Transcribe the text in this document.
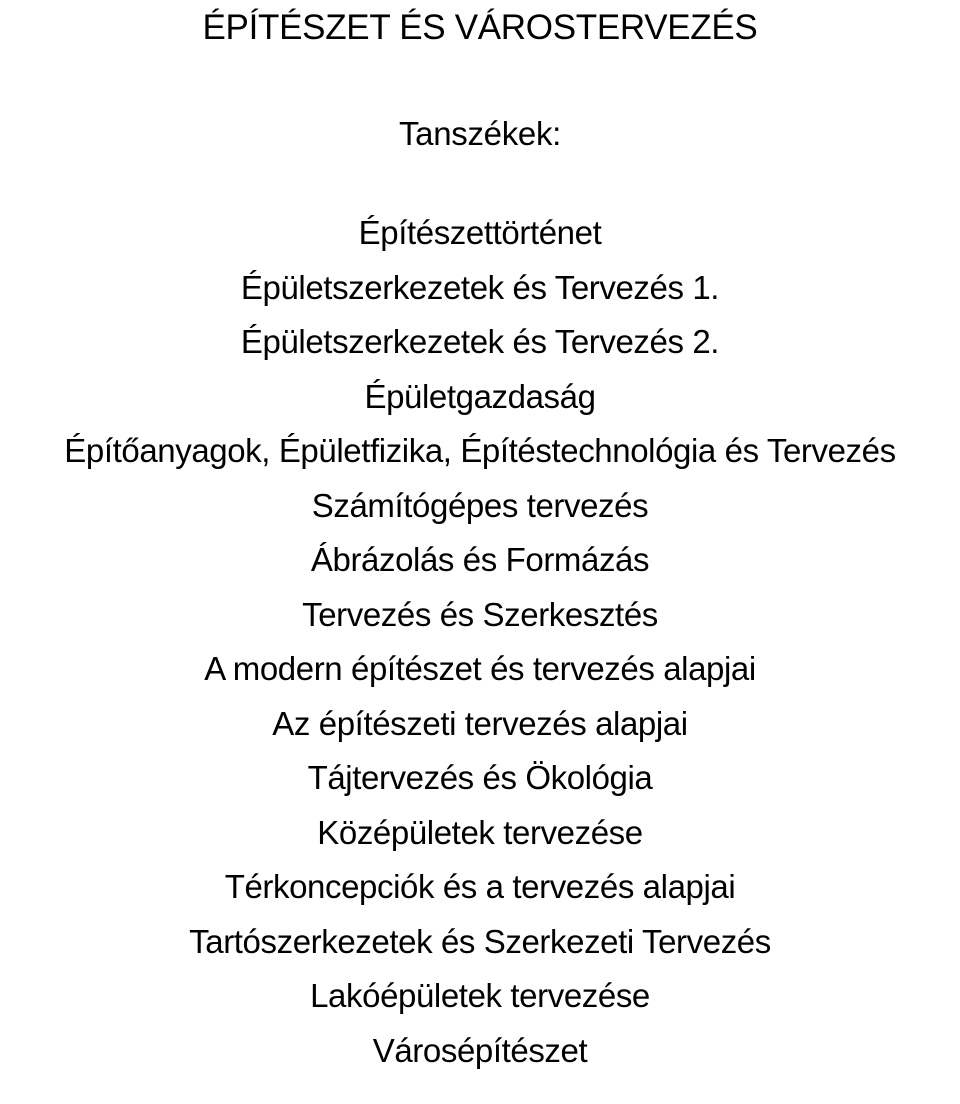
ÉPÍTÉSZET ÉS VÁROSTERVEZÉS
Tanszékek:
Építészettörténet
Épületszerkezetek és Tervezés 1.
Épületszerkezetek és Tervezés 2.
Épületgazdaság
Építőanyagok, Épületfizika, Építéstechnológia és Tervezés
Számítógépes tervezés
Ábrázolás és Formázás
Tervezés és Szerkesztés
A modern építészet és tervezés alapjai
Az építészeti tervezés alapjai
Tájtervezés és Ökológia
Középületek tervezése
Térkoncepciók és a tervezés alapjai
Tartószerkezetek és Szerkezeti Tervezés
Lakóépületek tervezése
Városépítészet
